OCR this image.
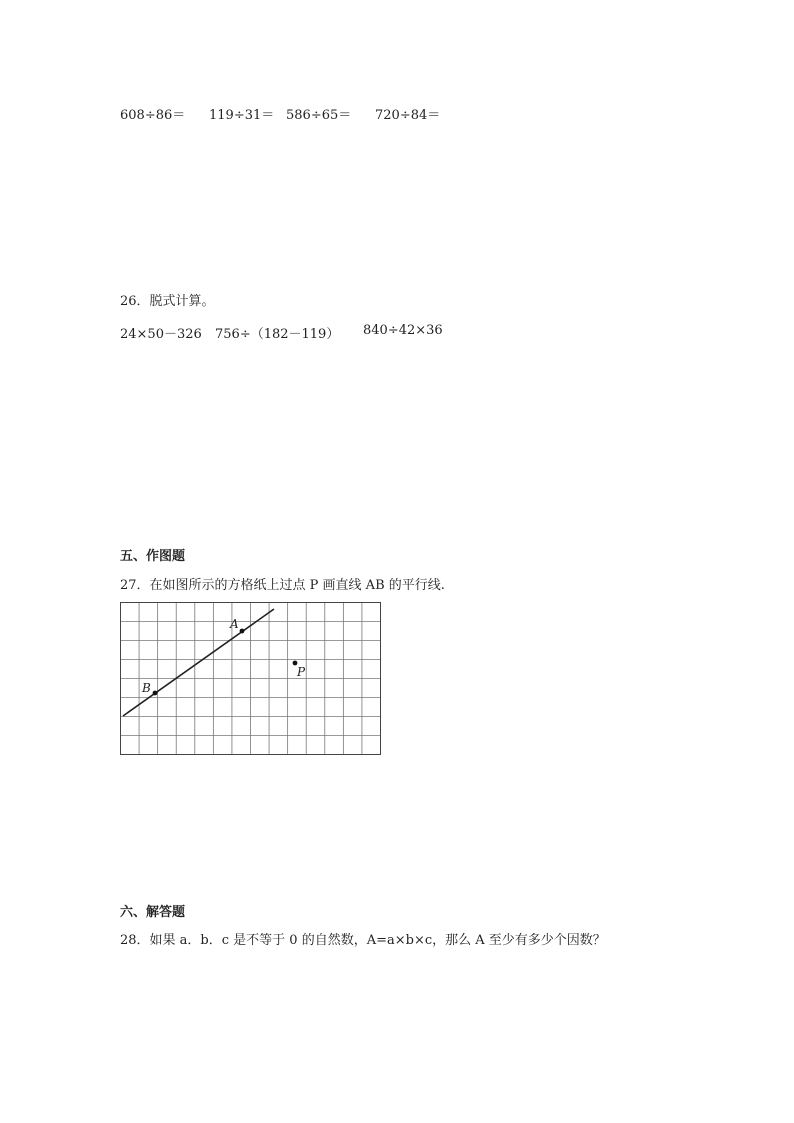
608÷86＝ 119÷31＝ 586÷65＝ 720÷84＝
26．脱式计算。
24×50－326 756÷（182－119） 840÷42×36
五、作图题
27．在如图所示的方格纸上过点 P 画直线 AB 的平行线.
A
B
P
六、解答题
28．如果 a．b．c 是不等于 0 的自然数，A=a×b×c，那么 A 至少有多少个因数？
